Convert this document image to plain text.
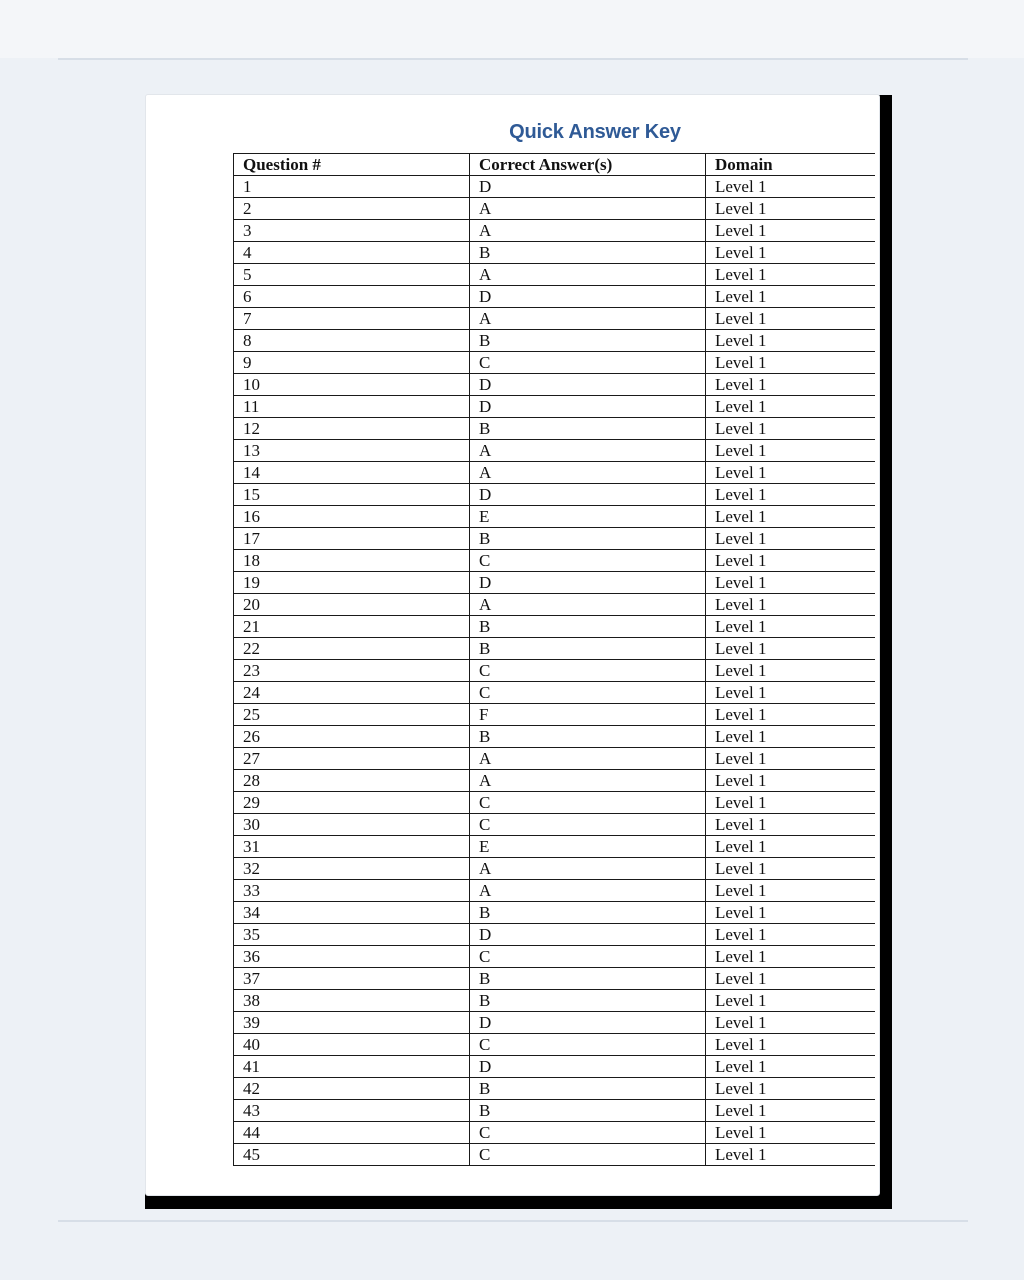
Quick Answer Key
Question #	Correct Answer(s)	Domain
1	D	Level 1
2	A	Level 1
3	A	Level 1
4	B	Level 1
5	A	Level 1
6	D	Level 1
7	A	Level 1
8	B	Level 1
9	C	Level 1
10	D	Level 1
11	D	Level 1
12	B	Level 1
13	A	Level 1
14	A	Level 1
15	D	Level 1
16	E	Level 1
17	B	Level 1
18	C	Level 1
19	D	Level 1
20	A	Level 1
21	B	Level 1
22	B	Level 1
23	C	Level 1
24	C	Level 1
25	F	Level 1
26	B	Level 1
27	A	Level 1
28	A	Level 1
29	C	Level 1
30	C	Level 1
31	E	Level 1
32	A	Level 1
33	A	Level 1
34	B	Level 1
35	D	Level 1
36	C	Level 1
37	B	Level 1
38	B	Level 1
39	D	Level 1
40	C	Level 1
41	D	Level 1
42	B	Level 1
43	B	Level 1
44	C	Level 1
45	C	Level 1
